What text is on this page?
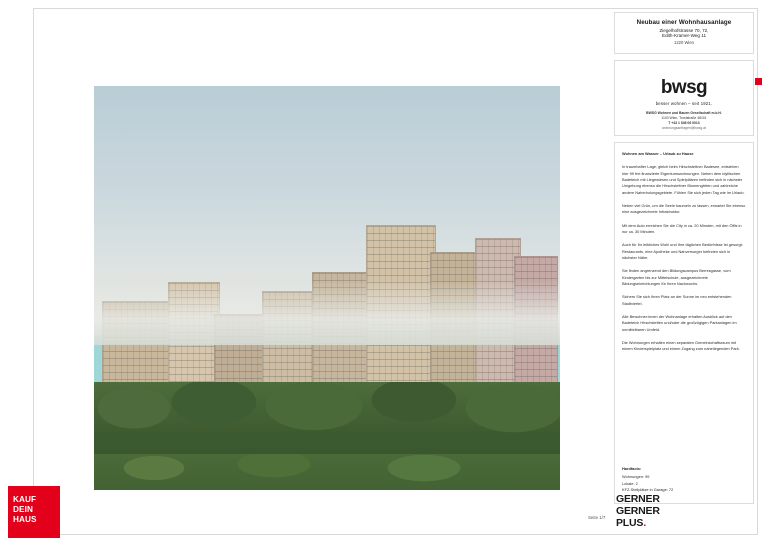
Neubau einer Wohnhausanlage
Ziegelhofstrasse 70, 72,
Edith-Kramer-Weg 11
1220 Wien
bwsg
besser wohnen – seit 1921.
BWSG Wohnen und Bauen Gesellschaft m.b.H.
1100 Wien, Troststraße 48/3/1
T +43 1 546 06 0013
wohnungsanfragen@bwsg.at

Wohnen am Wasser – Urlaub zu Hause

In traumhafter Lage, gleich beim Hirschstettner Badesee, entstehen hier 99 frei finanzierte Eigentumswohnungen. Neben dem idyllischen Badeteich mit Liegewiesen und Spielplätzen befinden sich in nächster Umgebung ebenso die Hirschstettner Blumengärten und zahlreiche andere Naherholungsgebiete. Fühlen Sie sich jeden Tag wie im Urlaub.

Neben viel Grün, um die Seele baumeln zu lassen, erwartet Sie ebenso eine ausgezeichnete Infrastruktur.

Mit dem Auto erreichen Sie die City in ca. 20 Minuten, mit den Öffis in nur ca. 30 Minuten.

Auch für Ihr leibliches Wohl und Ihre täglichen Bedürfnisse ist gesorgt: Restaurants, eine Apotheke und Nahversorger befinden sich in nächster Nähe.

Sie finden angrenzend den Bildungscampus Berresgasse, vom Kindergarten bis zur Mittelschule, ausgezeichnete Bildungseinrichtungen für Ihren Nachwuchs.

Sichern Sie sich Ihren Platz an der Sonne im neu entstehenden Stadtviertel.

Alle Bewohner:innen der Wohnanlage erhalten Ausblick auf den Badeteich Hirschstetten und/oder die großzügigen Parkanlagen im unmittelbaren Umfeld.

Die Wohnungen erhalten einen separaten Gemeinschaftsraum mit einem Kinderspielplatz und einem Zugang zum naheliegenden Park.

Hardfacts:
Wohnungen: 99
Lokale: 2
KFZ-Stellplätze in Garage: 72
KAUF
DEIN
HAUS	Seite 1/7
GERNER
GERNER
PLUS.
